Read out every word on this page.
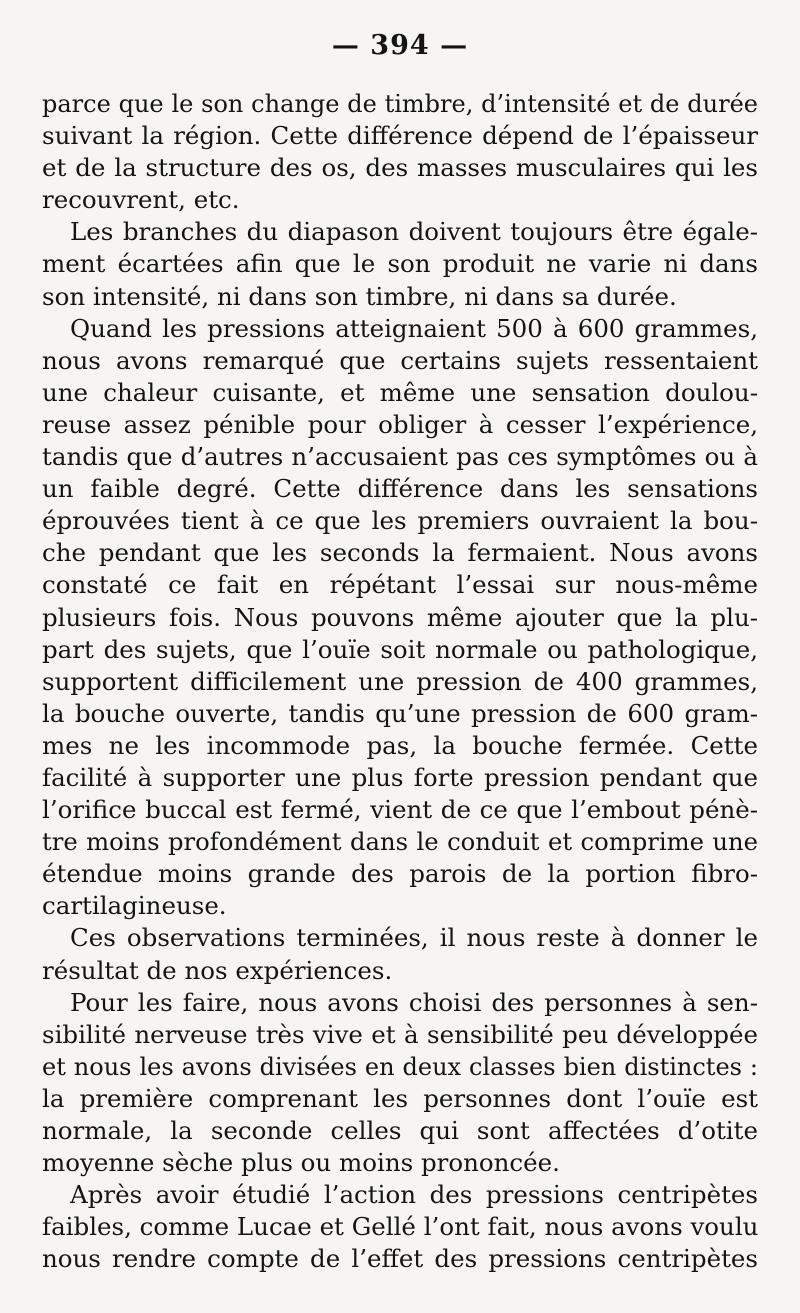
— 394 —
parce que le son change de timbre, d’intensité et de durée
suivant la région. Cette différence dépend de l’épaisseur
et de la structure des os, des masses musculaires qui les
recouvrent, etc.
Les branches du diapason doivent toujours être égale-
ment écartées afin que le son produit ne varie ni dans
son intensité, ni dans son timbre, ni dans sa durée.
Quand les pressions atteignaient 500 à 600 grammes,
nous avons remarqué que certains sujets ressentaient
une chaleur cuisante, et même une sensation doulou-
reuse assez pénible pour obliger à cesser l’expérience,
tandis que d’autres n’accusaient pas ces symptômes ou à
un faible degré. Cette différence dans les sensations
éprouvées tient à ce que les premiers ouvraient la bou-
che pendant que les seconds la fermaient. Nous avons
constaté ce fait en répétant l’essai sur nous-même
plusieurs fois. Nous pouvons même ajouter que la plu-
part des sujets, que l’ouïe soit normale ou pathologique,
supportent difficilement une pression de 400 grammes,
la bouche ouverte, tandis qu’une pression de 600 gram-
mes ne les incommode pas, la bouche fermée. Cette
facilité à supporter une plus forte pression pendant que
l’orifice buccal est fermé, vient de ce que l’embout pénè-
tre moins profondément dans le conduit et comprime une
étendue moins grande des parois de la portion fibro-
cartilagineuse.
Ces observations terminées, il nous reste à donner le
résultat de nos expériences.
Pour les faire, nous avons choisi des personnes à sen-
sibilité nerveuse très vive et à sensibilité peu développée
et nous les avons divisées en deux classes bien distinctes :
la première comprenant les personnes dont l’ouïe est
normale, la seconde celles qui sont affectées d’otite
moyenne sèche plus ou moins prononcée.
Après avoir étudié l’action des pressions centripètes
faibles, comme Lucae et Gellé l’ont fait, nous avons voulu
nous rendre compte de l’effet des pressions centripètes
